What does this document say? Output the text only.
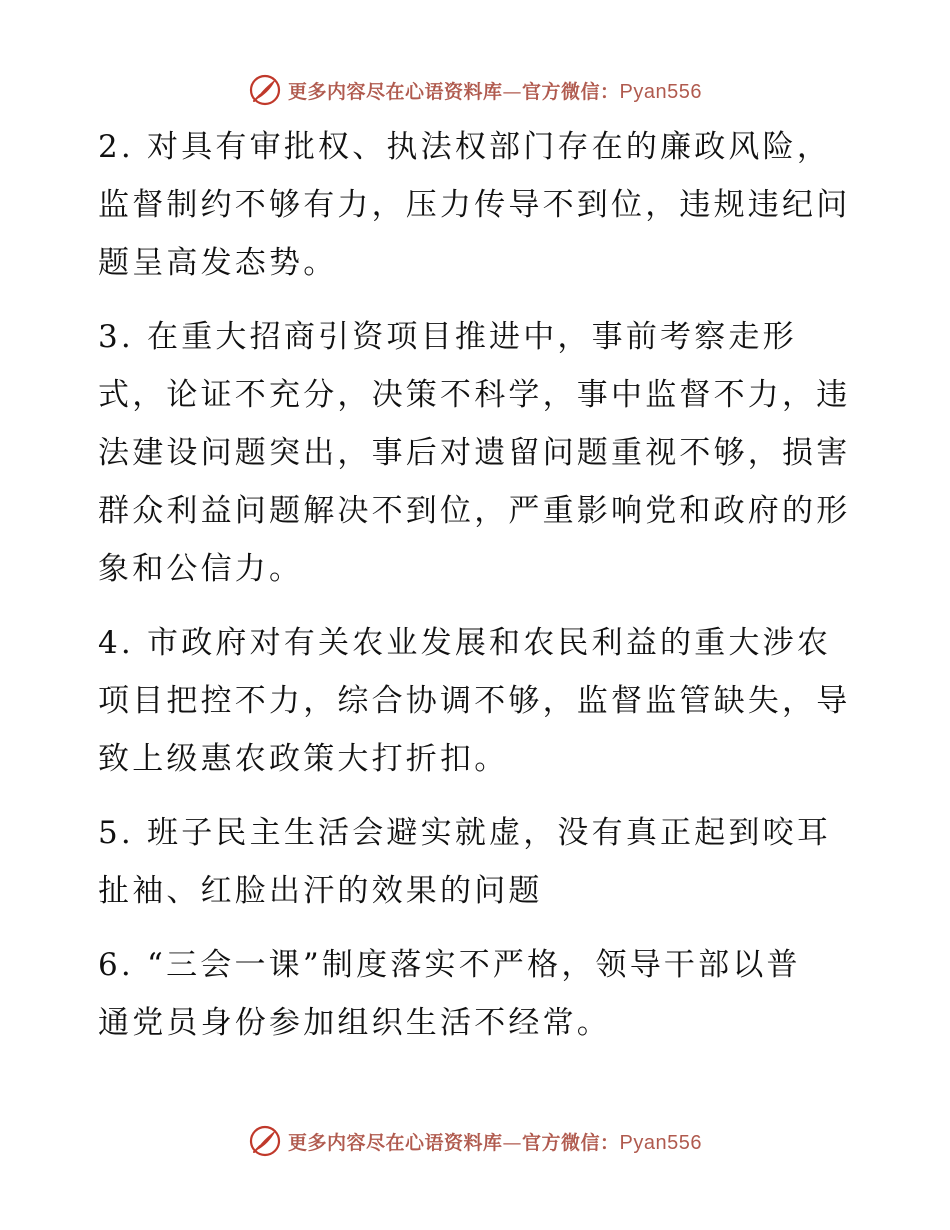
更多内容尽在心语资料库—官方微信：Pyan556

2. 对具有审批权、执法权部门存在的廉政风险，
监督制约不够有力，压力传导不到位，违规违纪问
题呈高发态势。

3. 在重大招商引资项目推进中，事前考察走形
式，论证不充分，决策不科学，事中监督不力，违
法建设问题突出，事后对遗留问题重视不够，损害
群众利益问题解决不到位，严重影响党和政府的形
象和公信力。

4. 市政府对有关农业发展和农民利益的重大涉农
项目把控不力，综合协调不够，监督监管缺失，导
致上级惠农政策大打折扣。

5. 班子民主生活会避实就虚，没有真正起到咬耳
扯袖、红脸出汗的效果的问题

6. “三会一课”制度落实不严格，领导干部以普
通党员身份参加组织生活不经常。

更多内容尽在心语资料库—官方微信：Pyan556
